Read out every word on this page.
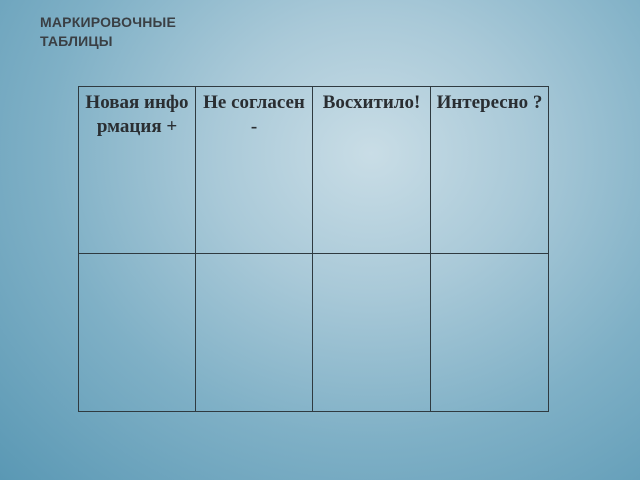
МАРКИРОВОЧНЫЕ
ТАБЛИЦЫ
Новая информация +	Не согласен -	Восхитило!	Интересно ?
